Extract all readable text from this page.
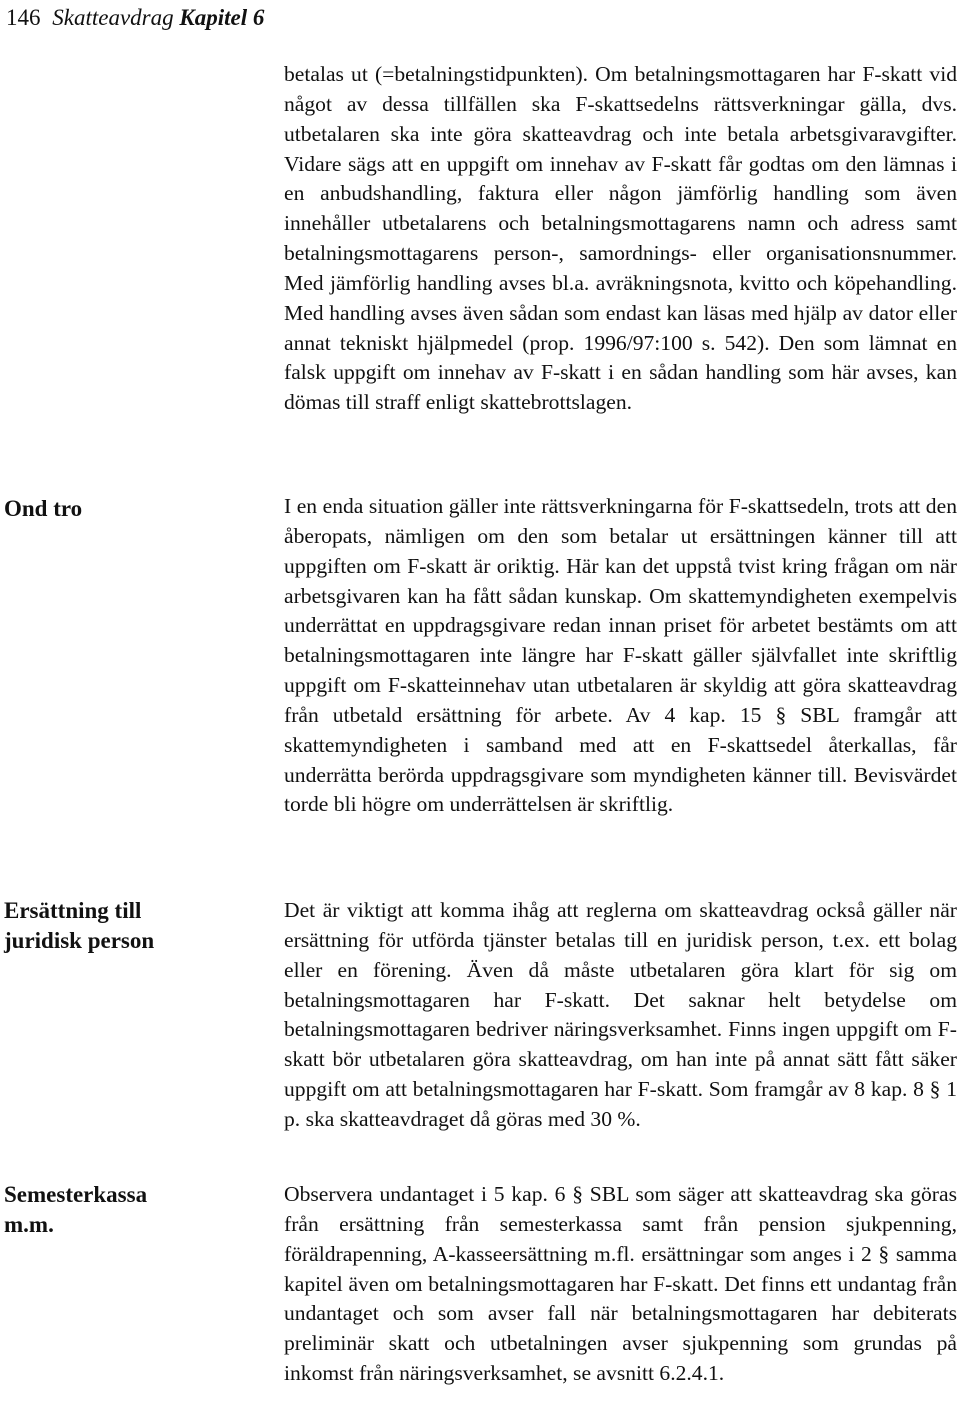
146 Skatteavdrag Kapitel 6
Ond tro
Ersättning till
juridisk person
Semesterkassa
m.m.

betalas ut (=betalningstidpunkten). Om betalningsmottagaren har F-skatt vid något av dessa tillfällen ska F-skattsedelns rättsverkningar gälla, dvs. utbetalaren ska inte göra skatteavdrag och inte betala arbetsgivaravgifter. Vidare sägs att en uppgift om innehav av F-skatt får godtas om den lämnas i en anbudshandling, faktura eller någon jämförlig handling som även innehåller utbetalarens och betalningsmottagarens namn och adress samt betalningsmottagarens person-, samordnings- eller organisationsnummer. Med jämförlig handling avses bl.a. avräkningsnota, kvitto och köpehandling. Med handling avses även sådan som endast kan läsas med hjälp av dator eller annat tekniskt hjälpmedel (prop. 1996/97:100 s. 542). Den som lämnat en falsk uppgift om innehav av F-skatt i en sådan handling som här avses, kan dömas till straff enligt skattebrottslagen.

I en enda situation gäller inte rättsverkningarna för F-skattsedeln, trots att den åberopats, nämligen om den som betalar ut ersättningen känner till att uppgiften om F-skatt är oriktig. Här kan det uppstå tvist kring frågan om när arbetsgivaren kan ha fått sådan kunskap. Om skattemyndigheten exempelvis underrättat en uppdragsgivare redan innan priset för arbetet bestämts om att betalningsmottagaren inte längre har F-skatt gäller självfallet inte skriftlig uppgift om F-skatteinnehav utan utbetalaren är skyldig att göra skatteavdrag från utbetald ersättning för arbete. Av 4 kap. 15 § SBL framgår att skattemyndigheten i samband med att en F-skattsedel återkallas, får underrätta berörda uppdragsgivare som myndigheten känner till. Bevisvärdet torde bli högre om underrättelsen är skriftlig.

Det är viktigt att komma ihåg att reglerna om skatteavdrag också gäller när ersättning för utförda tjänster betalas till en juridisk person, t.ex. ett bolag eller en förening. Även då måste utbetalaren göra klart för sig om betalningsmottagaren har F-skatt. Det saknar helt betydelse om betalningsmottagaren bedriver näringsverksamhet. Finns ingen uppgift om F-skatt bör utbetalaren göra skatteavdrag, om han inte på annat sätt fått säker uppgift om att betalningsmottagaren har F-skatt. Som framgår av 8 kap. 8 § 1 p. ska skatteavdraget då göras med 30 %.

Observera undantaget i 5 kap. 6 § SBL som säger att skatteavdrag ska göras från ersättning från semesterkassa samt från pension sjukpenning, föräldrapenning, A-kasseersättning m.fl. ersättningar som anges i 2 § samma kapitel även om betalningsmottagaren har F-skatt. Det finns ett undantag från undantaget och som avser fall när betalningsmottagaren har debiterats preliminär skatt och utbetalningen avser sjukpenning som grundas på inkomst från näringsverksamhet, se avsnitt 6.2.4.1.
